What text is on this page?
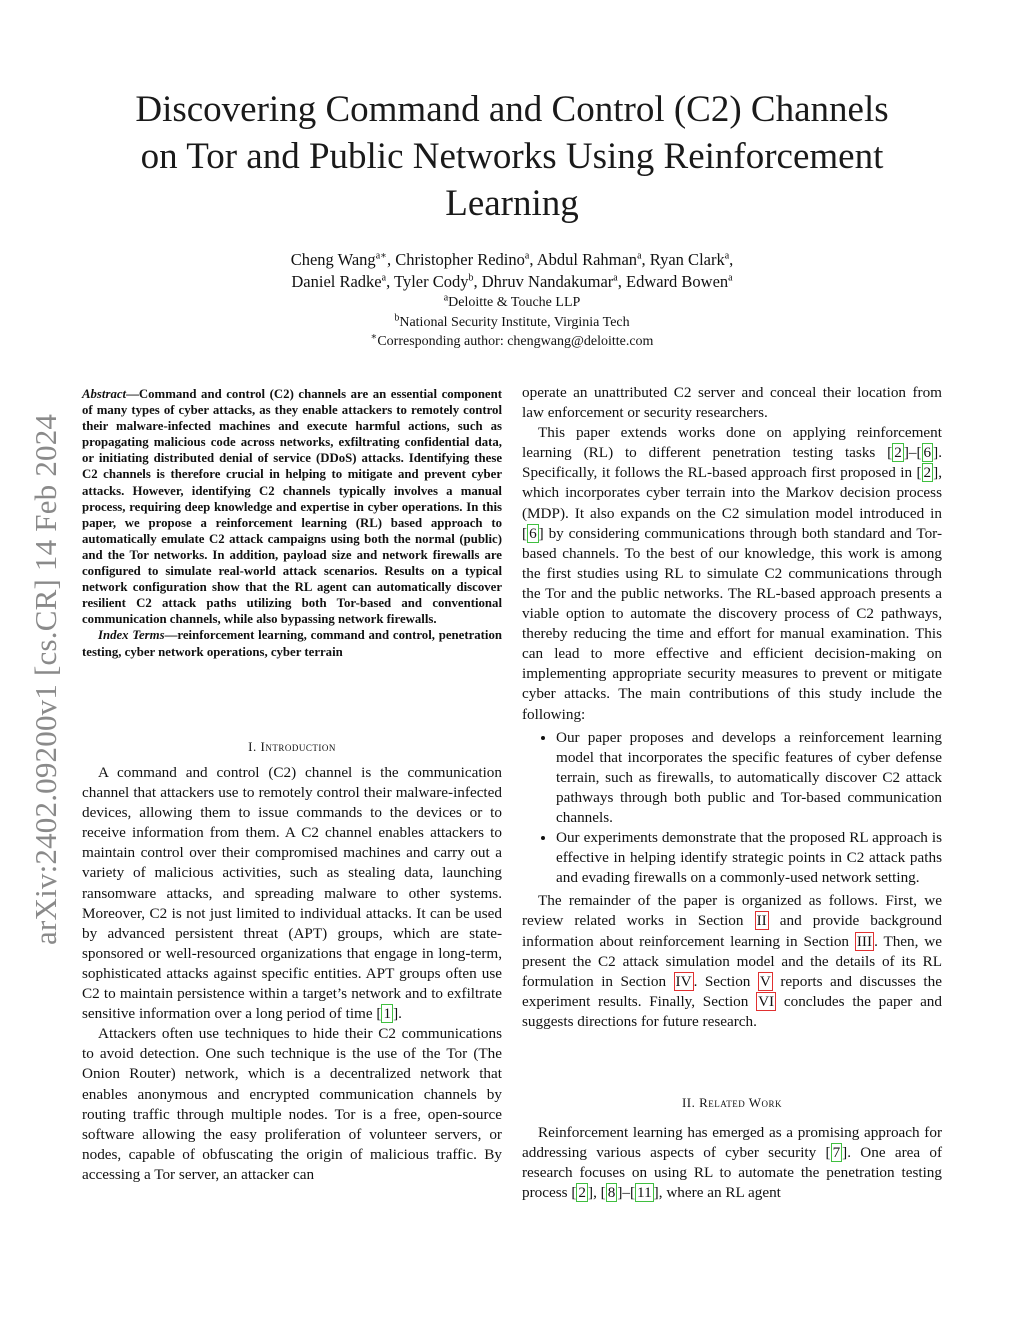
arXiv:2402.09200v1 [cs.CR] 14 Feb 2024
Discovering Command and Control (C2) Channels
on Tor and Public Networks Using Reinforcement
Learning
Cheng Wang$^{a∗}$, Christopher Redino$^a$, Abdul Rahman$^a$, Ryan Clark$^a$,
Daniel Radke$^a$, Tyler Cody$^b$, Dhruv Nandakumar$^a$, Edward Bowen$^a$
$^a$Deloitte & Touche LLP
$^b$National Security Institute, Virginia Tech
∗Corresponding author: chengwang@deloitte.com
Abstract—Command and control (C2) channels are an essential component of many types of cyber attacks, as they enable attackers to remotely control their malware-infected machines and execute harmful actions, such as propagating malicious code across networks, exfiltrating confidential data, or initiating distributed denial of service (DDoS) attacks. Identifying these C2 channels is therefore crucial in helping to mitigate and prevent cyber attacks. However, identifying C2 channels typically involves a manual process, requiring deep knowledge and expertise in cyber operations. In this paper, we propose a reinforcement learning (RL) based approach to automatically emulate C2 attack campaigns using both the normal (public) and the Tor networks. In addition, payload size and network firewalls are configured to simulate real-world attack scenarios. Results on a typical network configuration show that the RL agent can automatically discover resilient C2 attack paths utilizing both Tor-based and conventional communication channels, while also bypassing network firewalls.
Index Terms—reinforcement learning, command and control, penetration testing, cyber network operations, cyber terrain
I. Introduction

A command and control (C2) channel is the communication channel that attackers use to remotely control their malware-infected devices, allowing them to issue commands to the devices or to receive information from them. A C2 channel enables attackers to maintain control over their compromised machines and carry out a variety of malicious activities, such as stealing data, launching ransomware attacks, and spreading malware to other systems. Moreover, C2 is not just limited to individual attacks. It can be used by advanced persistent threat (APT) groups, which are state-sponsored or well-resourced organizations that engage in long-term, sophisticated attacks against specific entities. APT groups often use C2 to maintain persistence within a target’s network and to exfiltrate sensitive information over a long period of time [ 1 ].

Attackers often use techniques to hide their C2 communications to avoid detection. One such technique is the use of the Tor (The Onion Router) network, which is a decentralized network that enables anonymous and encrypted communication channels by routing traffic through multiple nodes. Tor is a free, open-source software allowing the easy proliferation of volunteer servers, or nodes, capable of obfuscating the origin of malicious traffic. By accessing a Tor server, an attacker can

operate an unattributed C2 server and conceal their location from law enforcement or security researchers.

This paper extends works done on applying reinforcement learning (RL) to different penetration testing tasks [ 2 ]–[ 6 ]. Specifically, it follows the RL-based approach first proposed in [ 2 ], which incorporates cyber terrain into the Markov decision process (MDP). It also expands on the C2 simulation model introduced in [ 6 ] by considering communications through both standard and Tor-based channels. To the best of our knowledge, this work is among the first studies using RL to simulate C2 communications through the Tor and the public networks. The RL-based approach presents a viable option to automate the discovery process of C2 pathways, thereby reducing the time and effort for manual examination. This can lead to more effective and efficient decision-making on implementing appropriate security measures to prevent or mitigate cyber attacks. The main contributions of this study include the following:

• Our paper proposes and develops a reinforcement learning model that incorporates the specific features of cyber defense terrain, such as firewalls, to automatically discover C2 attack pathways through both public and Tor-based communication channels.
• Our experiments demonstrate that the proposed RL approach is effective in helping identify strategic points in C2 attack paths and evading firewalls on a commonly-used network setting.

The remainder of the paper is organized as follows. First, we review related works in Section II and provide background information about reinforcement learning in Section III . Then, we present the C2 attack simulation model and the details of its RL formulation in Section IV . Section V reports and discusses the experiment results. Finally, Section VI concludes the paper and suggests directions for future research.

II. Related Work

Reinforcement learning has emerged as a promising approach for addressing various aspects of cyber security [ 7 ]. One area of research focuses on using RL to automate the penetration testing process [ 2 ], [ 8 ]–[ 11 ], where an RL agent
